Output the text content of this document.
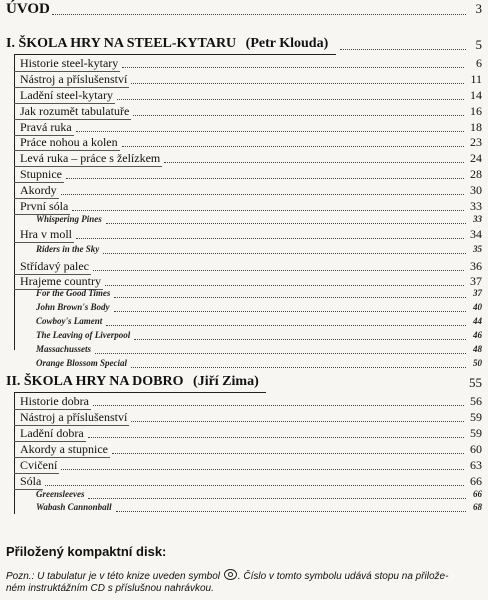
ÚVOD	3
I. ŠKOLA HRY NA STEEL-KYTARU (Petr Klouda)	5
Historie steel-kytary	6
Nástroj a příslušenství	11
Ladění steel-kytary	14
Jak rozumět tabulatuře	16
Pravá ruka	18
Práce nohou a kolen	23
Levá ruka – práce s želízkem	24
Stupnice	28
Akordy	30
První sóla	33
Whispering Pines	33
Hra v moll	34
Riders in the Sky	35
Střídavý palec	36
Hrajeme country	37
For the Good Times	37
John Brown's Body	40
Cowboy's Lament	44
The Leaving of Liverpool	46
Massachussets	48
Orange Blossom Special	50
II. ŠKOLA HRY NA DOBRO (Jiří Zima)	55
Historie dobra	56
Nástroj a příslušenství	59
Ladění dobra	59
Akordy a stupnice	60
Cvičení	63
Sóla	66
Greensleeves	66
Wabash Cannonball	68
Přiložený kompaktní disk:
Pozn.: U tabulatur je v této knize uveden symbol . Číslo v tomto symbolu udává stopu na přilože-
ném instruktážním CD s příslušnou nahrávkou.
